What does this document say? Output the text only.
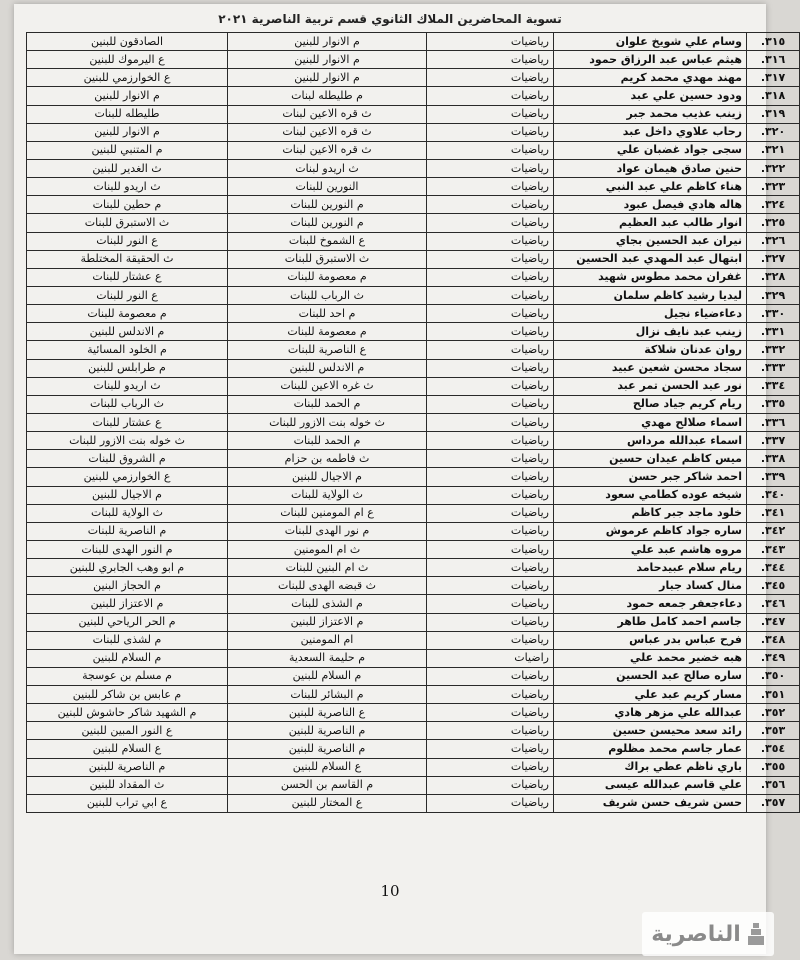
تسوية المحاضرين الملاك الثانوي قسم تربية الناصرية ٢٠٢١
٣١٥.	وسام علي شويخ علوان	رياضيات	م الانوار للبنين	الصادقون للبنين
٣١٦.	هيثم عباس عبد الرزاق حمود	رياضيات	م الانوار للبنين	ع اليرموك للبنين
٣١٧.	مهند مهدي محمد كريم	رياضيات	م الانوار للبنين	ع الخوارزمي للبنين
٣١٨.	ودود حسين علي عبد	رياضيات	م طليطله لبنات	م الانوار للبنين
٣١٩.	زينب عذيب محمد جبر	رياضيات	ث قره الاعين لبنات	طليطله للبنات
٣٢٠.	رحاب علاوي داخل عبد	رياضيات	ث قره الاعين لبنات	م الانوار للبنين
٣٢١.	سجى جواد غضبان علي	رياضيات	ث قره الاعين لبنات	م المتنبي للبنين
٣٢٢.	حنين صادق هيمان عواد	رياضيات	ث اريدو لبنات	ث الغدير للبنين
٣٢٣.	هناء كاظم علي عبد النبي	رياضيات	النورين للبنات	ث اريدو للبنات
٣٢٤.	هاله هادي فيصل عبود	رياضيات	م النورين للبنات	م حطين للبنات
٣٢٥.	انوار طالب عبد العظيم	رياضيات	م النورين للبنات	ث الاستبرق للبنات
٣٢٦.	نيران عبد الحسين بجاي	رياضيات	ع الشموخ للبنات	ع النور للبنات
٣٢٧.	ابتهال عبد المهدي عبد الحسين	رياضيات	ث الاستبرق للبنات	ث الحقيقة المختلطة
٣٢٨.	غفران محمد مطوس شهيد	رياضيات	م معصومة للبنات	ع عشتار للبنات
٣٢٩.	ليديا رشيد كاظم سلمان	رياضيات	ث الرباب للبنات	ع النور للبنات
٣٣٠.	دعاءضياء نجيل	رياضيات	م احد للبنات	م معصومة للبنات
٣٣١.	زينب عبد نايف نزال	رياضيات	م معصومة للبنات	م الاندلس للبنين
٣٣٢.	روان عدنان شلاكة	رياضيات	ع الناصرية للبنات	م الخلود المسائية
٣٣٣.	سجاد محسن شعين عبيد	رياضيات	م الاندلس للبنين	م طرابلس للبنين
٣٣٤.	نور عبد الحسن تمر عبد	رياضيات	ث غره الاعين للبنات	ث اريدو للبنات
٣٣٥.	ريام كريم جياد صالح	رياضيات	م الحمد للبنات	ث الرباب للبنات
٣٣٦.	اسماء صلالح مهدي	رياضيات	ث خوله بنت الازور للبنات	ع عشتار للبنات
٣٣٧.	اسماء عبدالله مرداس	رياضيات	م الحمد للبنات	ث خوله بنت الازور للبنات
٣٣٨.	ميس كاظم عيدان حسين	رياضيات	ث فاطمه بن حزام	م الشروق للبنات
٣٣٩.	احمد شاكر جبر حسن	رياضيات	م الاجيال للبنين	ع الخوارزمي للبنين
٣٤٠.	شيخه عوده كطامي سعود	رياضيات	ث الولاية للبنات	م الاجيال للبنين
٣٤١.	خلود ماجد جبر كاظم	رياضيات	ع ام المومنين للبنات	ث الولاية للبنات
٣٤٢.	ساره جواد كاظم عرموش	رياضيات	م نور الهدى للبنات	م الناصرية للبنات
٣٤٣.	مروه هاشم عبد علي	رياضيات	ث ام المومنين	م النور الهدى للبنات
٣٤٤.	ريام سلام عبيدحامد	رياضيات	ث ام البنين للبنات	م ابو وهب الجابري للبنين
٣٤٥.	منال كساد جبار	رياضيات	ث قبضه الهدى للبنات	م الحجاز البنين
٣٤٦.	دعاءجعفر جمعه حمود	رياضيات	م الشذى للبنات	م الاعتزاز للبنين
٣٤٧.	جاسم احمد كامل طاهر	رياضيات	م الاعتزاز للبنين	م الحر الرياحي للبنين
٣٤٨.	فرح عباس بدر عباس	رياضيات	ام المومنين	م لشذى للبنات
٣٤٩.	هبه خضير محمد علي	راضيات	م حليمة السعدية	م السلام للبنين
٣٥٠.	ساره صالح عبد الحسين	رياضيات	م السلام للبنين	م مسلم بن عوسجة
٣٥١.	مسار كريم عبد علي	رياضيات	م البشائر للبنات	م عابس بن شاكر للبنين
٣٥٢.	عبدالله علي مزهر هادي	رياضيات	ع الناصرية للبنين	م الشهيد شاكر حاشوش للبنين
٣٥٣.	رائد سعد محيسن حسين	رياضيات	م الناصرية للبنين	ع النور المبين للبنين
٣٥٤.	عمار جاسم محمد مظلوم	رياضيات	م الناصرية للبنين	ع السلام للبنين
٣٥٥.	باري ناظم عطي براك	رياضيات	ع السلام للبنين	م الناصرية للبنين
٣٥٦.	علي قاسم عبدالله عيسى	رياضيات	م القاسم بن الحسن	ث المقداد للبنين
٣٥٧.	حسن شريف حسن شريف	رياضيات	ع المختار للبنين	ع ابي تراب للبنين
10
الناصرية
